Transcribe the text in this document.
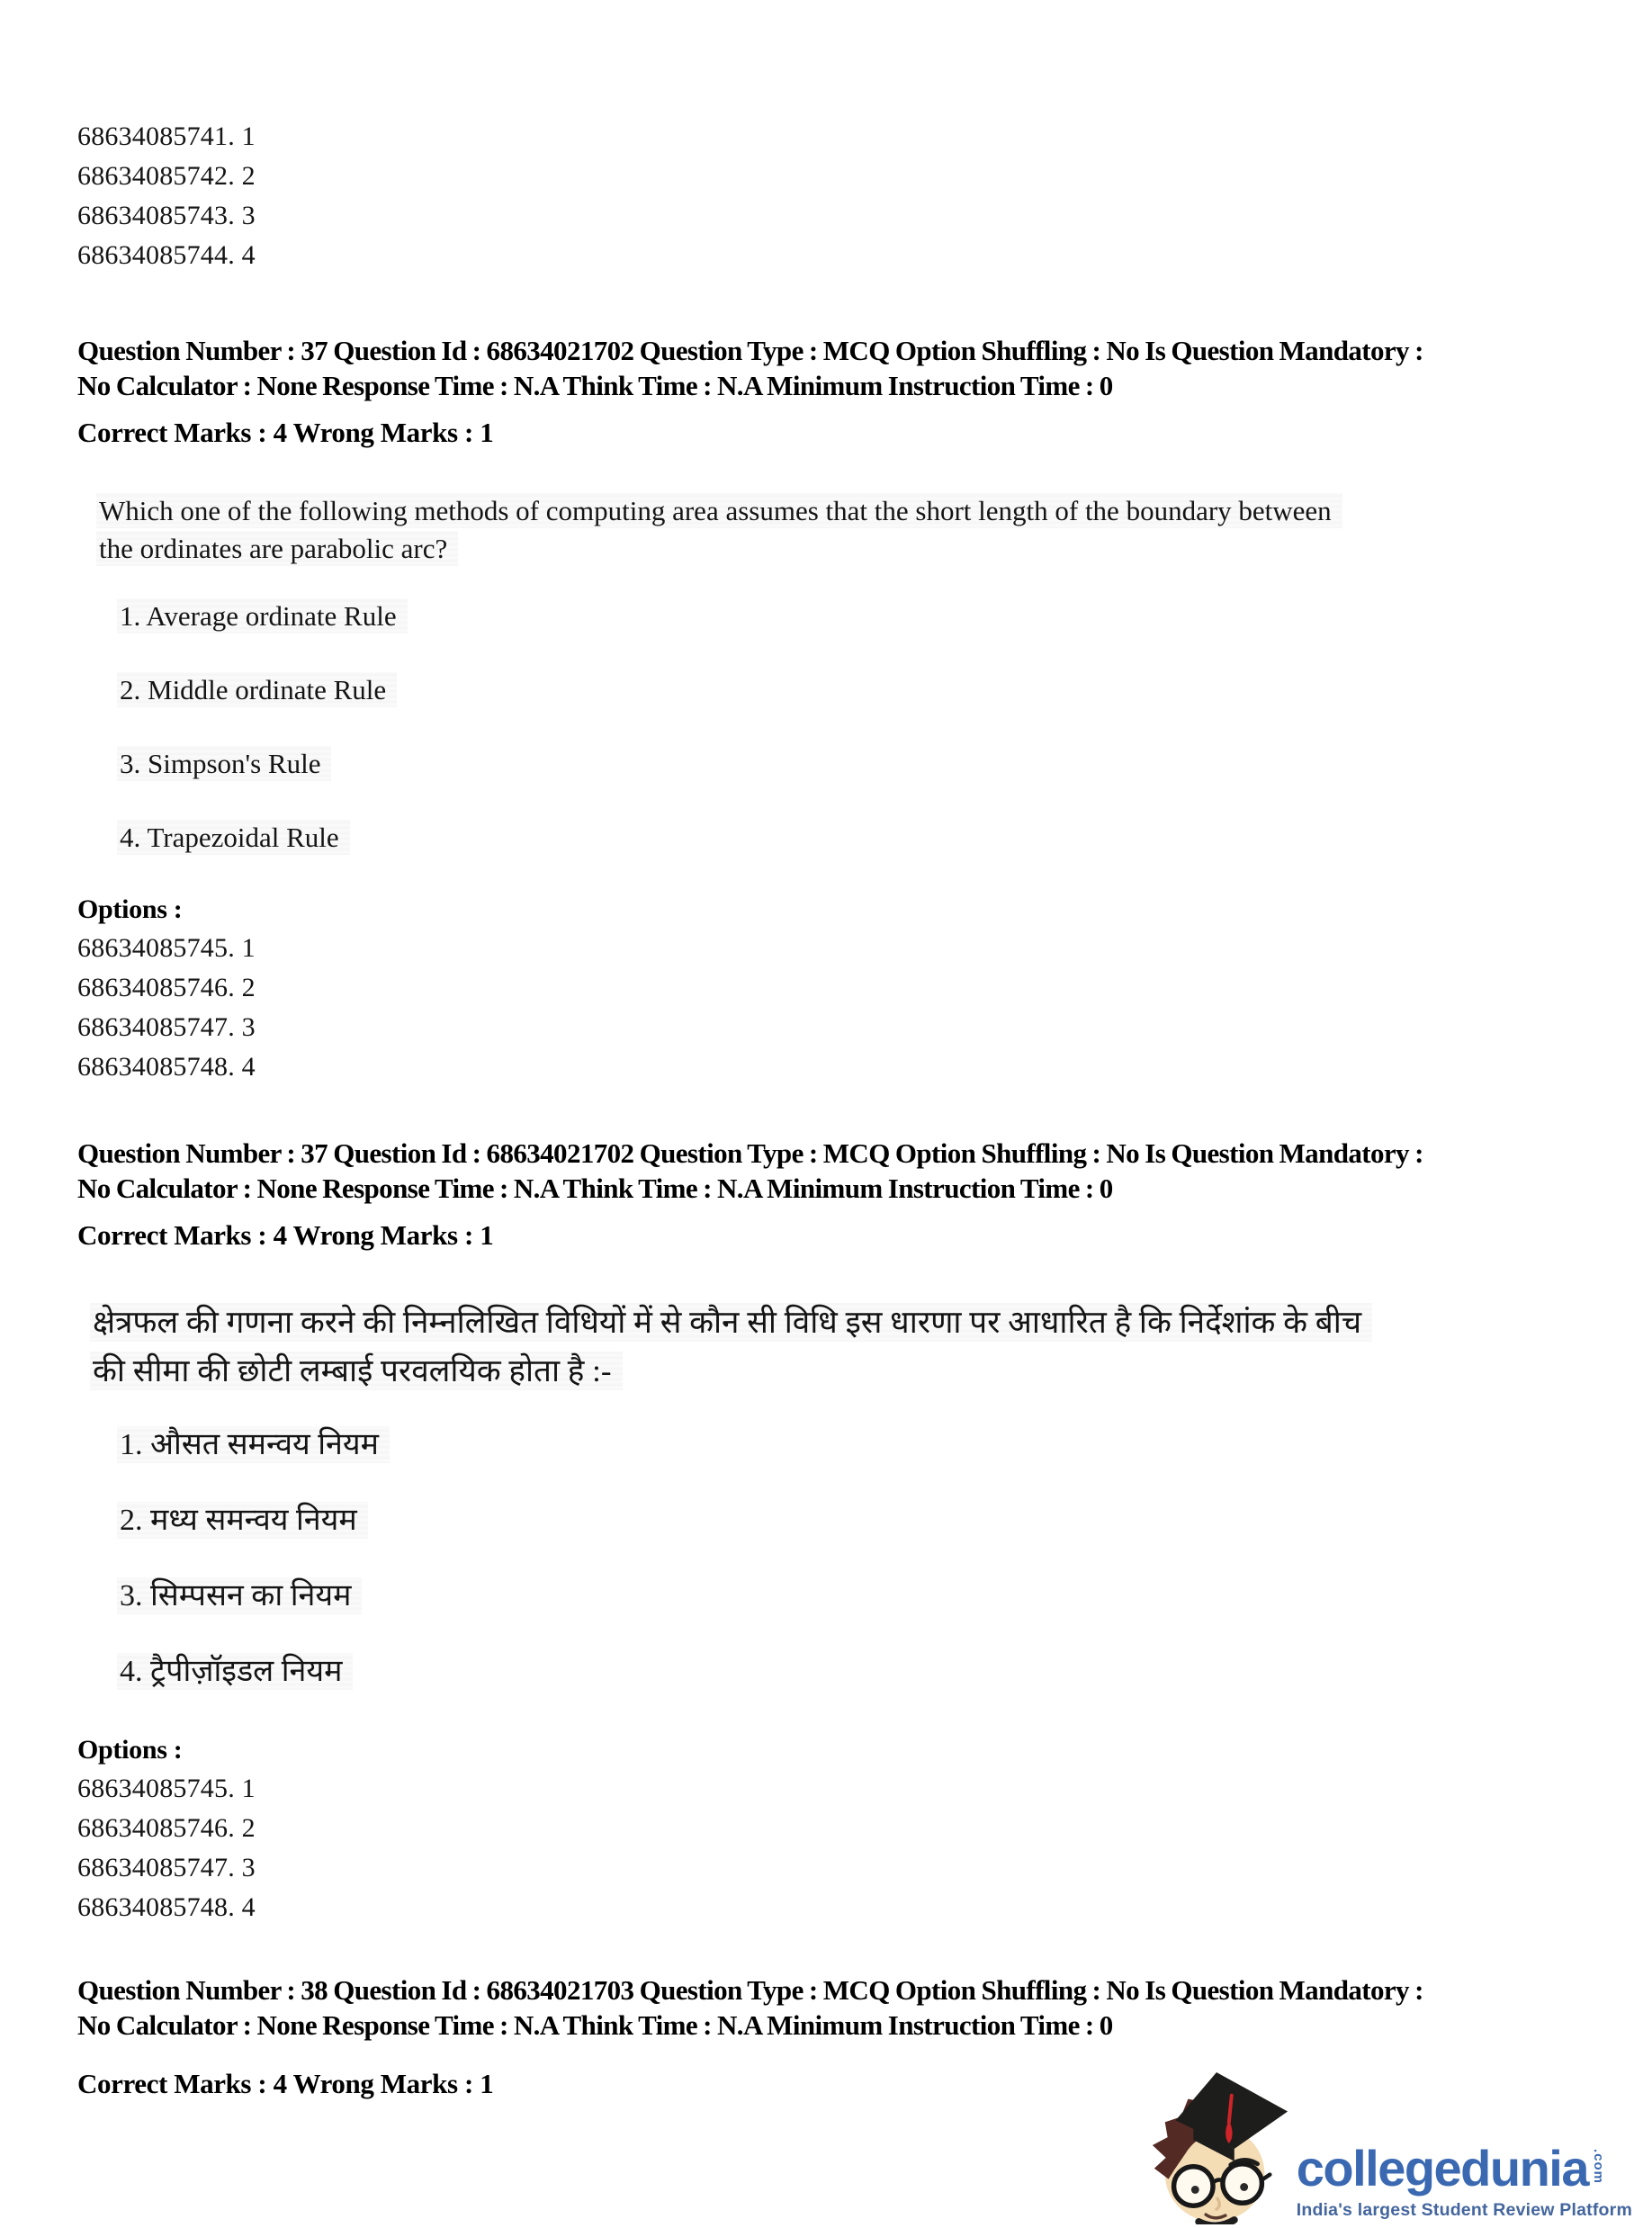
68634085741. 1
68634085742. 2
68634085743. 3
68634085744. 4
Question Number : 37 Question Id : 68634021702 Question Type : MCQ Option Shuffling : No Is Question Mandatory :
No Calculator : None Response Time : N.A Think Time : N.A Minimum Instruction Time : 0
Correct Marks : 4 Wrong Marks : 1
Which one of the following methods of computing area assumes that the short length of the boundary between
the ordinates are parabolic arc?
1. Average ordinate Rule
2. Middle ordinate Rule
3. Simpson's Rule
4. Trapezoidal Rule
Options :
68634085745. 1
68634085746. 2
68634085747. 3
68634085748. 4
Question Number : 37 Question Id : 68634021702 Question Type : MCQ Option Shuffling : No Is Question Mandatory :
No Calculator : None Response Time : N.A Think Time : N.A Minimum Instruction Time : 0
Correct Marks : 4 Wrong Marks : 1
क्षेत्रफल की गणना करने की निम्नलिखित विधियों में से कौन सी विधि इस धारणा पर आधारित है कि निर्देशांक के बीच
की सीमा की छोटी लम्बाई परवलयिक होता है :-
1. औसत समन्वय नियम
2. मध्य समन्वय नियम
3. सिम्पसन का नियम
4. ट्रैपीज़ॉइडल नियम
Options :
68634085745. 1
68634085746. 2
68634085747. 3
68634085748. 4
Question Number : 38 Question Id : 68634021703 Question Type : MCQ Option Shuffling : No Is Question Mandatory :
No Calculator : None Response Time : N.A Think Time : N.A Minimum Instruction Time : 0
Correct Marks : 4 Wrong Marks : 1
collegedunia .com
India's largest Student Review Platform
